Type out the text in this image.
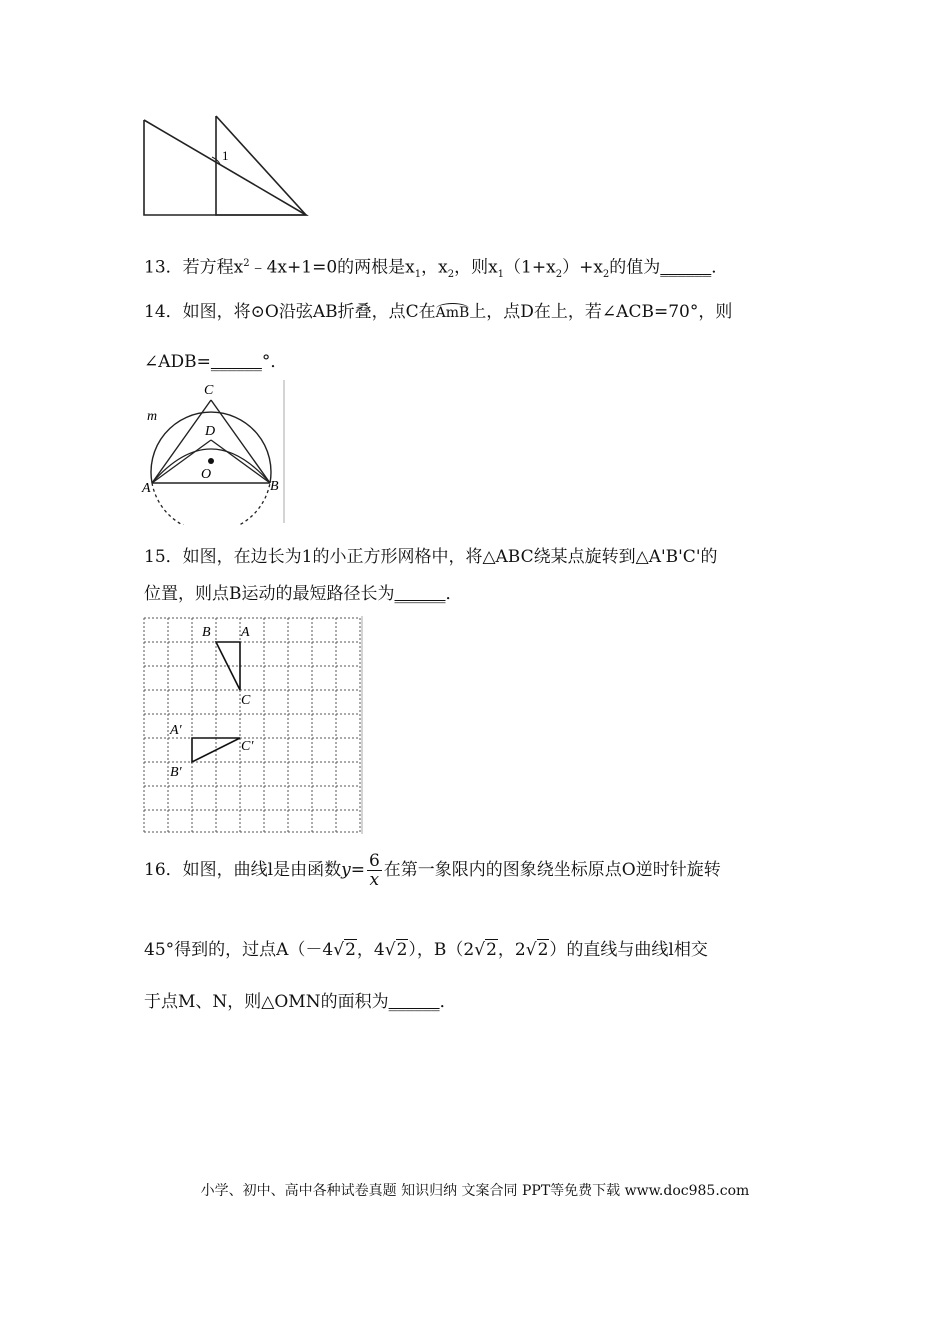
1
13．若方程$x^2﹣4x+1=0$的两根是$x_1$，$x_2$，则$x_1(1+x_2)+x_2$的值为______．
14．如图，将⊙O沿弦AB折叠，点C在AmB上，点D在上，若∠ACB=70°，则
∠ADB=______°．
C
D
O
A	B
m
15．如图，在边长为1的小正方形网格中，将△ABC绕某点旋转到△A'B'C'的
位置，则点B运动的最短路径长为______．
B A
C
A′
C′
B′
16．如图，曲线l是由函数$y= \frac{6}{x}$ 在第一象限内的图象绕坐标原点O逆时针旋转
45°得到的，过点A（－4√2，4√2），B（2√2，2√2）的直线与曲线l相交
于点M、N，则△OMN的面积为______．
小学、初中、高中各种试卷真题 知识归纳 文案合同 PPT等免费下载 www.doc985.com
